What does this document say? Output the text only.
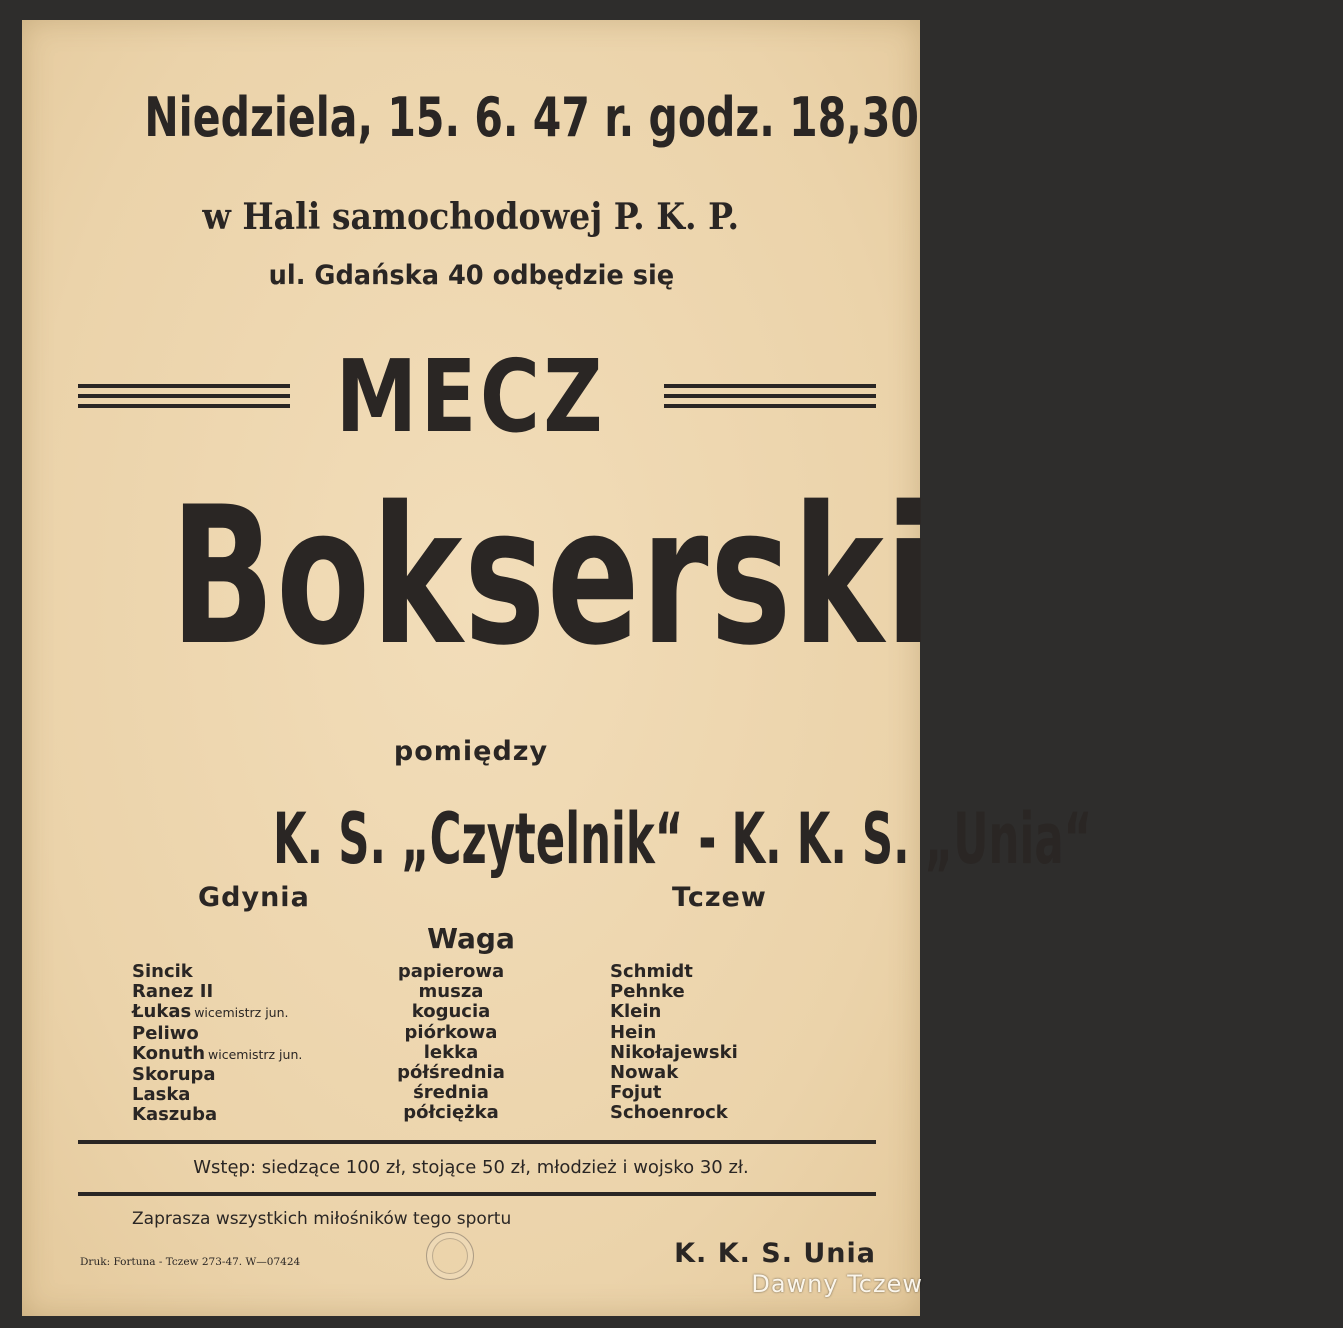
Niedziela, 15. 6. 47 r. godz. 18,30
w Hali samochodowej P. K. P.
ul. Gdańska 40 odbędzie się
MECZ
Bokserski
pomiędzy
K. S. „Czytelnik“ - K. K. S. „Unia“
Gdynia	Tczew
Waga
Sincik
Ranez II
Łukas wicemistrz jun.
Peliwo
Konuth wicemistrz jun.
Skorupa
Laska
Kaszuba
papierowa
musza
kogucia
piórkowa
lekka
półśrednia
średnia
półciężka
Schmidt
Pehnke
Klein
Hein
Nikołajewski
Nowak
Fojut
Schoenrock
Wstęp: siedzące 100 zł, stojące 50 zł, młodzież i wojsko 30 zł.
Zaprasza wszystkich miłośników tego sportu
Druk: Fortuna - Tczew 273-47. W—07424	K. K. S. Unia
Dawny Tczew
